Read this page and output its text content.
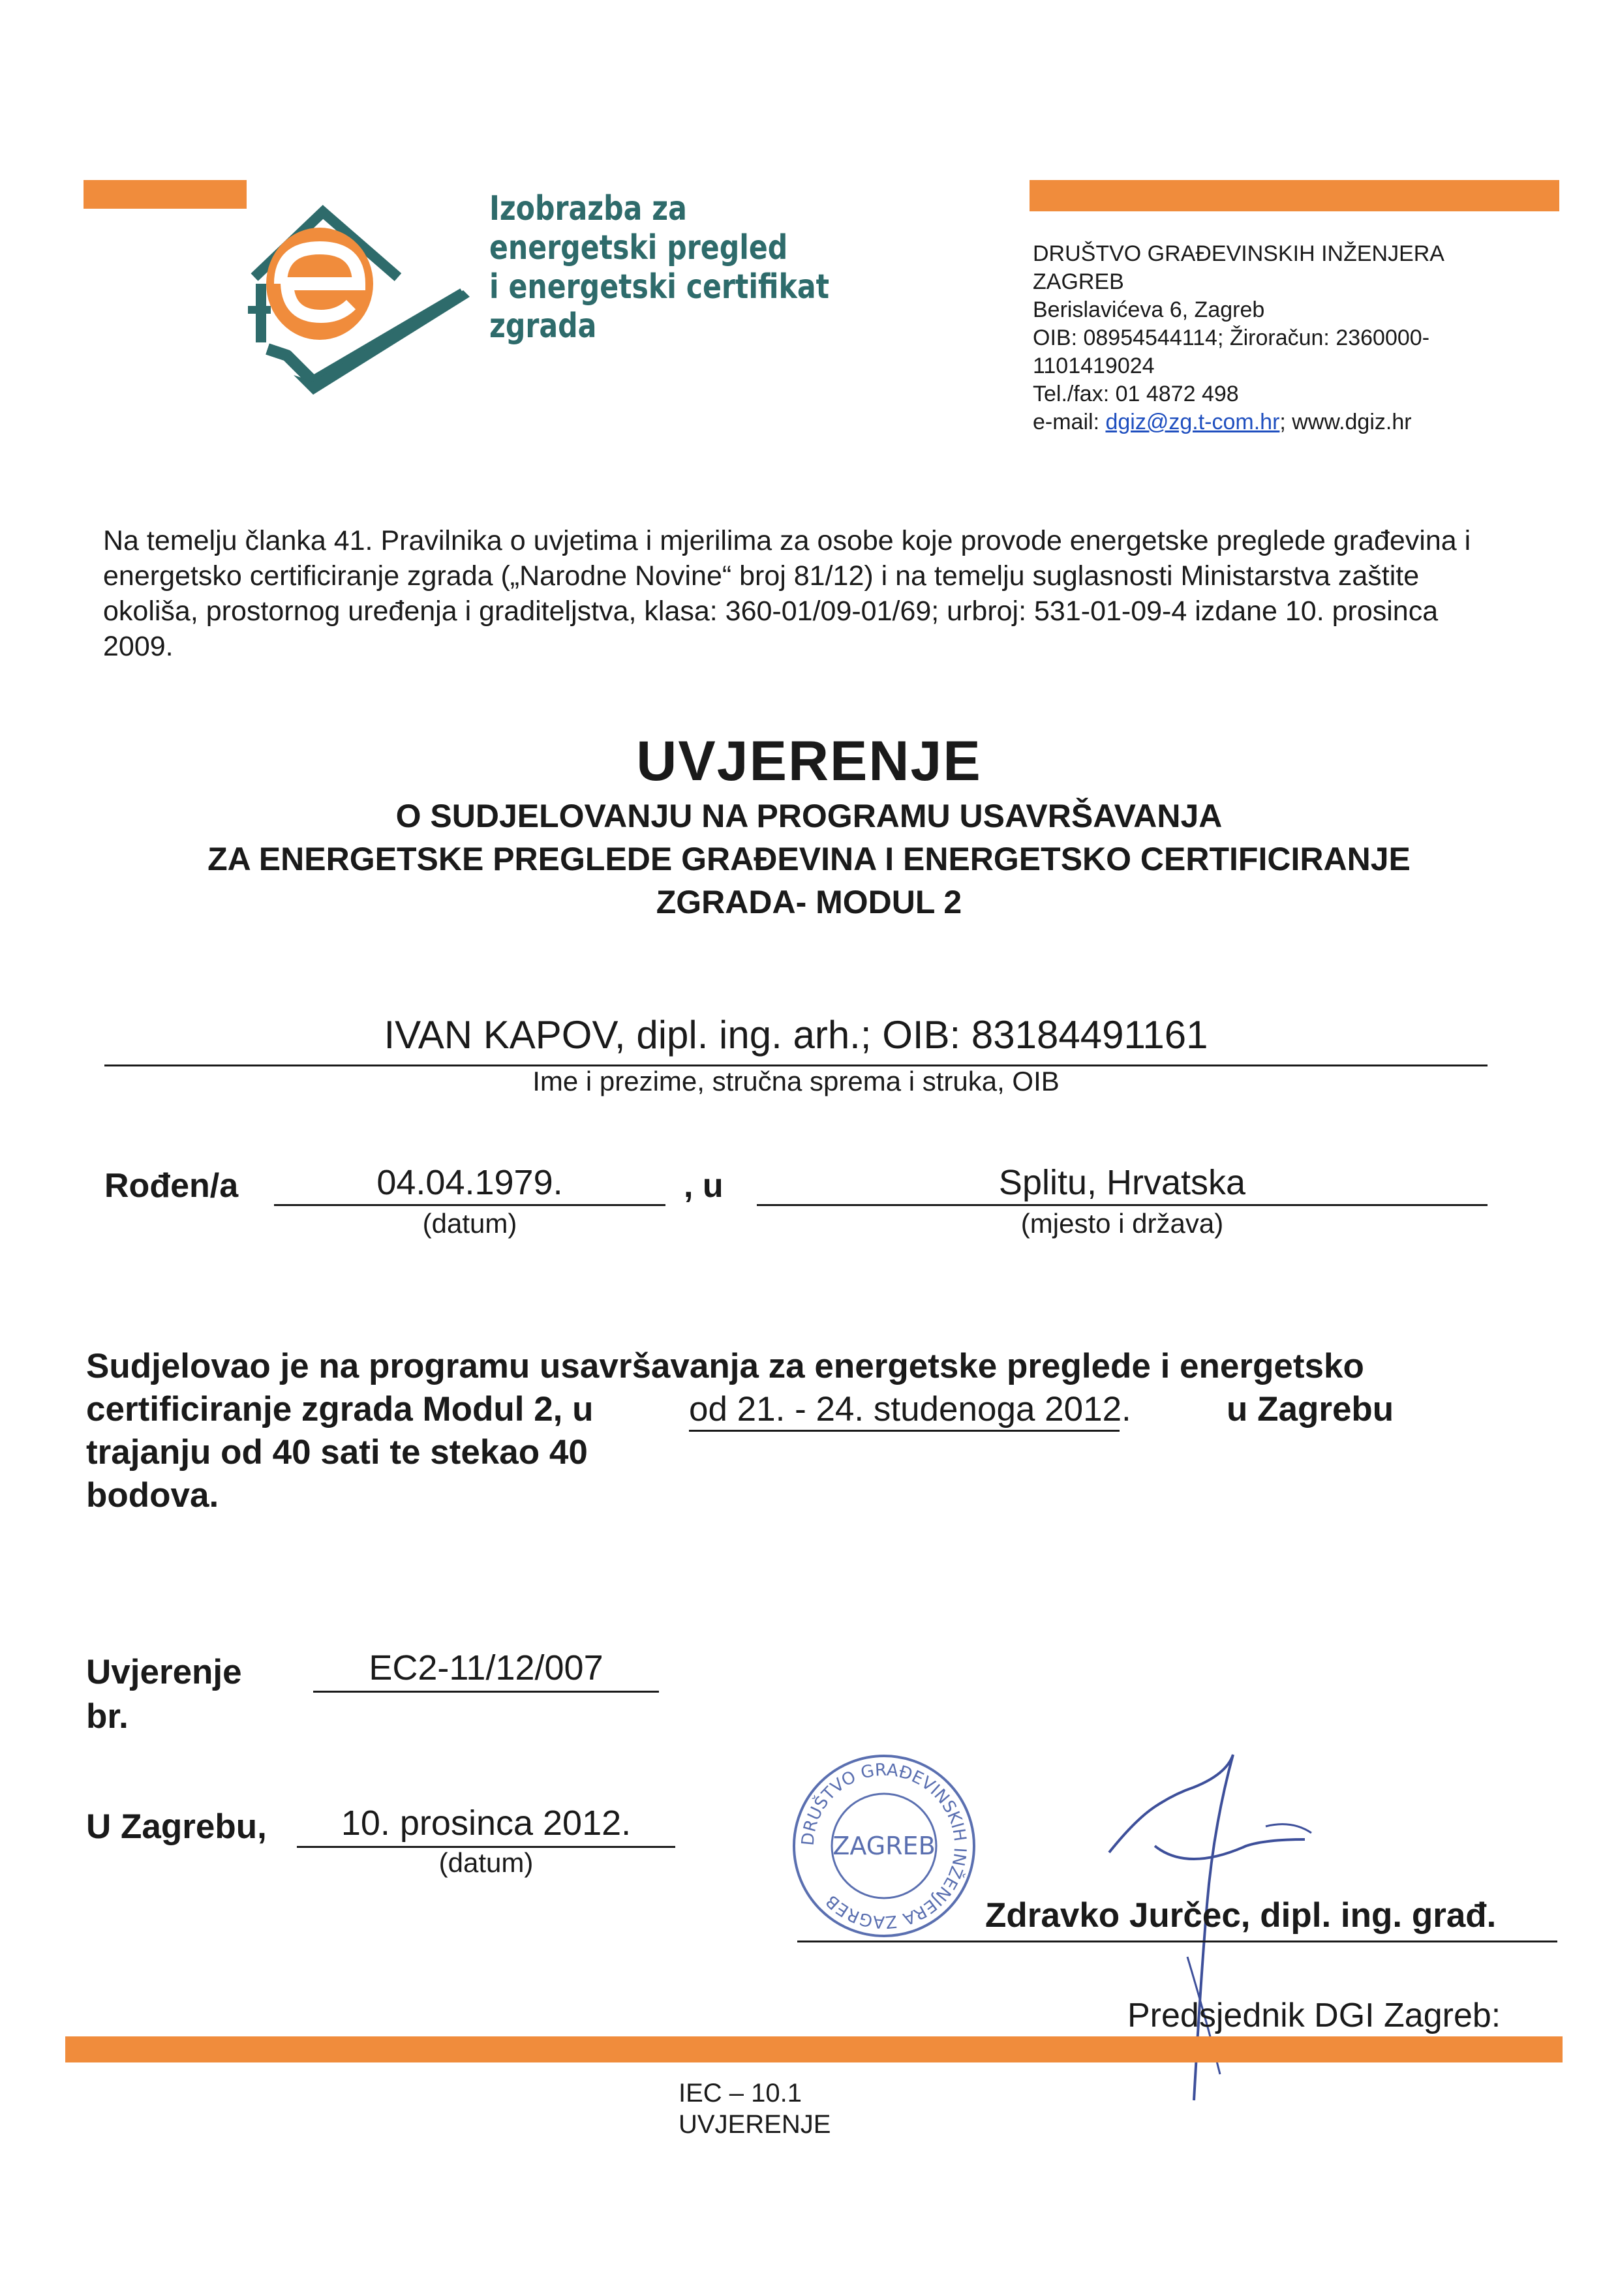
Izobrazba za
energetski pregled
i energetski certifikat
zgrada
DRUŠTVO GRAĐEVINSKIH INŽENJERA
ZAGREB
Berislavićeva 6, Zagreb
OIB: 08954544114; Žiroračun: 2360000-
1101419024
Tel./fax: 01 4872 498
e-mail: dgiz@zg.t-com.hr; www.dgiz.hr
Na temelju članka 41. Pravilnika o uvjetima i mjerilima za osobe koje provode energetske preglede građevina i energetsko certificiranje zgrada („Narodne Novine“ broj 81/12) i na temelju suglasnosti Ministarstva zaštite okoliša, prostornog uređenja i graditeljstva, klasa: 360-01/09-01/69; urbroj: 531-01-09-4 izdane 10. prosinca 2009.
UVJERENJE
O SUDJELOVANJU NA PROGRAMU USAVRŠAVANJA
ZA ENERGETSKE PREGLEDE GRAĐEVINA I ENERGETSKO CERTIFICIRANJE
ZGRADA- MODUL 2
IVAN KAPOV, dipl. ing. arh.; OIB: 83184491161
Ime i prezime, stručna sprema i struka, OIB
Rođen/a	04.04.1979.
(datum)
, u	Splitu, Hrvatska
(mjesto i država)
Sudjelovao je na programu usavršavanja za energetske preglede i energetsko
certificiranje zgrada Modul 2, u	od 21. - 24. studenoga 2012.	u Zagrebu
trajanju od 40 sati te stekao 40
bodova.
Uvjerenje
br.
EC2-11/12/007
U Zagrebu,	10. prosinca 2012.
(datum)
DRUŠTVO GRAĐEVINSKIH INŽENJERA ZAGREB
ZAGREB
Zdravko Jurčec, dipl. ing. građ.
Predsjednik DGI Zagreb:
IEC – 10.1
UVJERENJE
